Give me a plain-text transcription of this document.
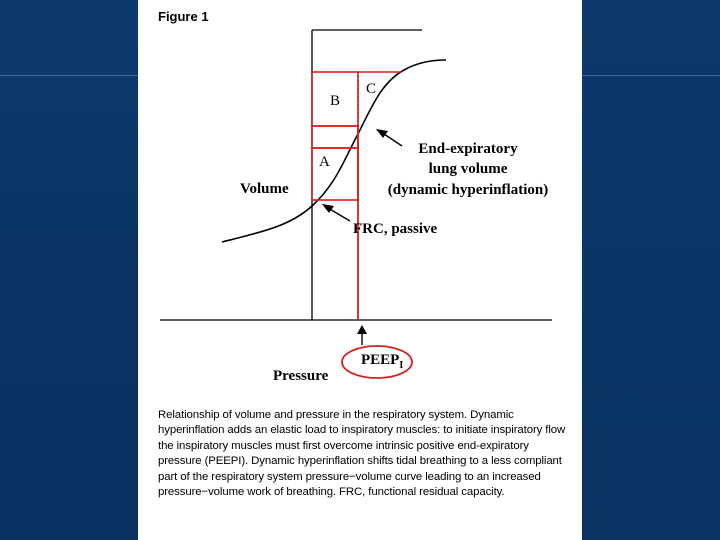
Figure 1
B
A
C
Volume
End-expiratory
lung volume
(dynamic hyperinflation)
FRC, passive
$PEEP_I$
Pressure
Relationship of volume and pressure in the respiratory system. Dynamic hyperinflation adds an elastic load to inspiratory muscles: to initiate inspiratory flow the inspiratory muscles must first overcome intrinsic positive end-expiratory pressure (PEEPI). Dynamic hyperinflation shifts tidal breathing to a less compliant part of the respiratory system pressure−volume curve leading to an increased pressure−volume work of breathing. FRC, functional residual capacity.
